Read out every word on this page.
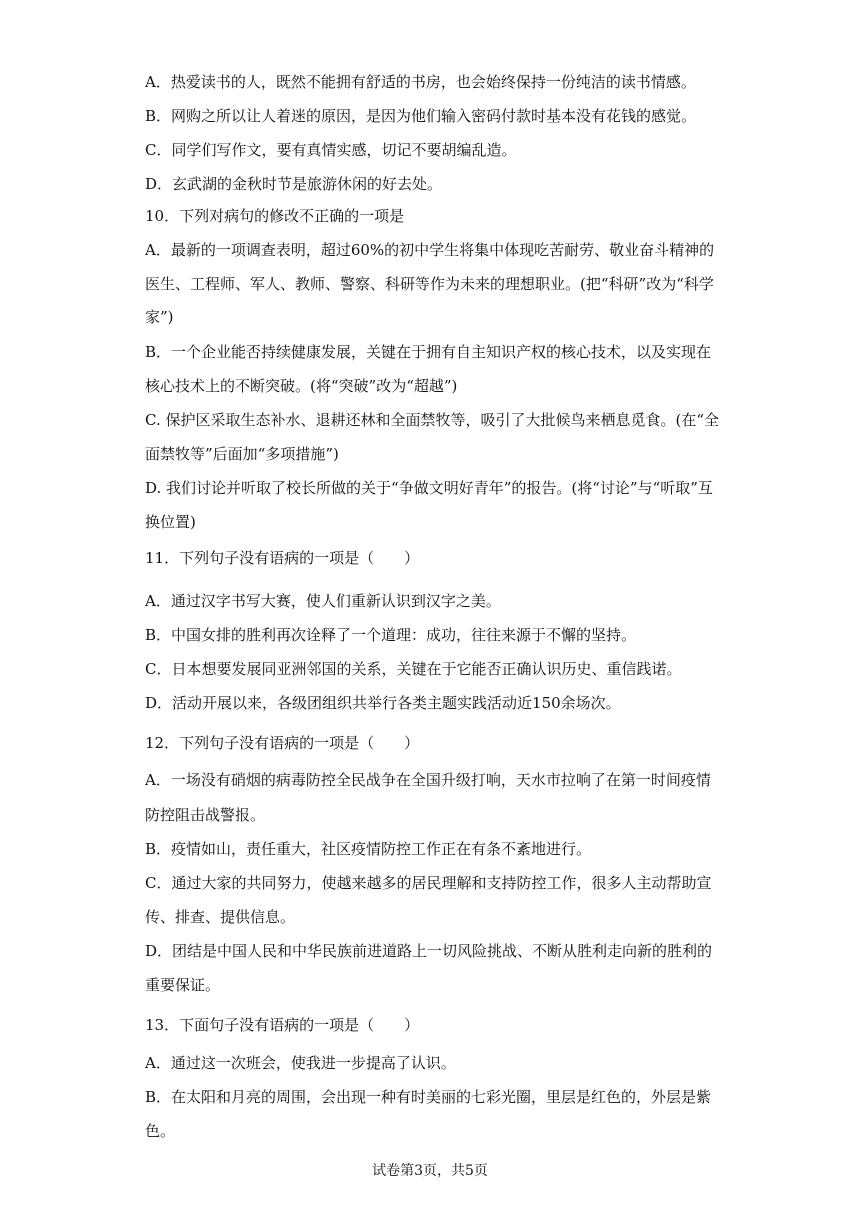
A．热爱读书的人，既然不能拥有舒适的书房，也会始终保持一份纯洁的读书情感。
B．网购之所以让人着迷的原因，是因为他们输入密码付款时基本没有花钱的感觉。
C．同学们写作文，要有真情实感，切记不要胡编乱造。
D．玄武湖的金秋时节是旅游休闲的好去处。
10．下列对病句的修改不正确的一项是
A．最新的一项调查表明，超过60%的初中学生将集中体现吃苦耐劳、敬业奋斗精神的
医生、工程师、军人、教师、警察、科研等作为未来的理想职业。(把“科研”改为“科学
家”)
B．一个企业能否持续健康发展，关键在于拥有自主知识产权的核心技术，以及实现在
核心技术上的不断突破。(将“突破”改为“超越”)
C. 保护区采取生态补水、退耕还林和全面禁牧等，吸引了大批候鸟来栖息觅食。(在“全
面禁牧等”后面加“多项措施”)
D. 我们讨论并听取了校长所做的关于“争做文明好青年”的报告。(将“讨论”与“听取”互
换位置)
11．下列句子没有语病的一项是（　　）
A．通过汉字书写大赛，使人们重新认识到汉字之美。
B．中国女排的胜利再次诠释了一个道理：成功，往往来源于不懈的坚持。
C．日本想要发展同亚洲邻国的关系，关键在于它能否正确认识历史、重信践诺。
D．活动开展以来，各级团组织共举行各类主题实践活动近150余场次。
12．下列句子没有语病的一项是（　　）
A．一场没有硝烟的病毒防控全民战争在全国升级打响，天水市拉响了在第一时间疫情
防控阻击战警报。
B．疫情如山，责任重大，社区疫情防控工作正在有条不紊地进行。
C．通过大家的共同努力，使越来越多的居民理解和支持防控工作，很多人主动帮助宣
传、排查、提供信息。
D．团结是中国人民和中华民族前进道路上一切风险挑战、不断从胜利走向新的胜利的
重要保证。
13．下面句子没有语病的一项是（　　）
A．通过这一次班会，使我进一步提高了认识。
B．在太阳和月亮的周围，会出现一种有时美丽的七彩光圈，里层是红色的，外层是紫
色。
试卷第3页，共5页
